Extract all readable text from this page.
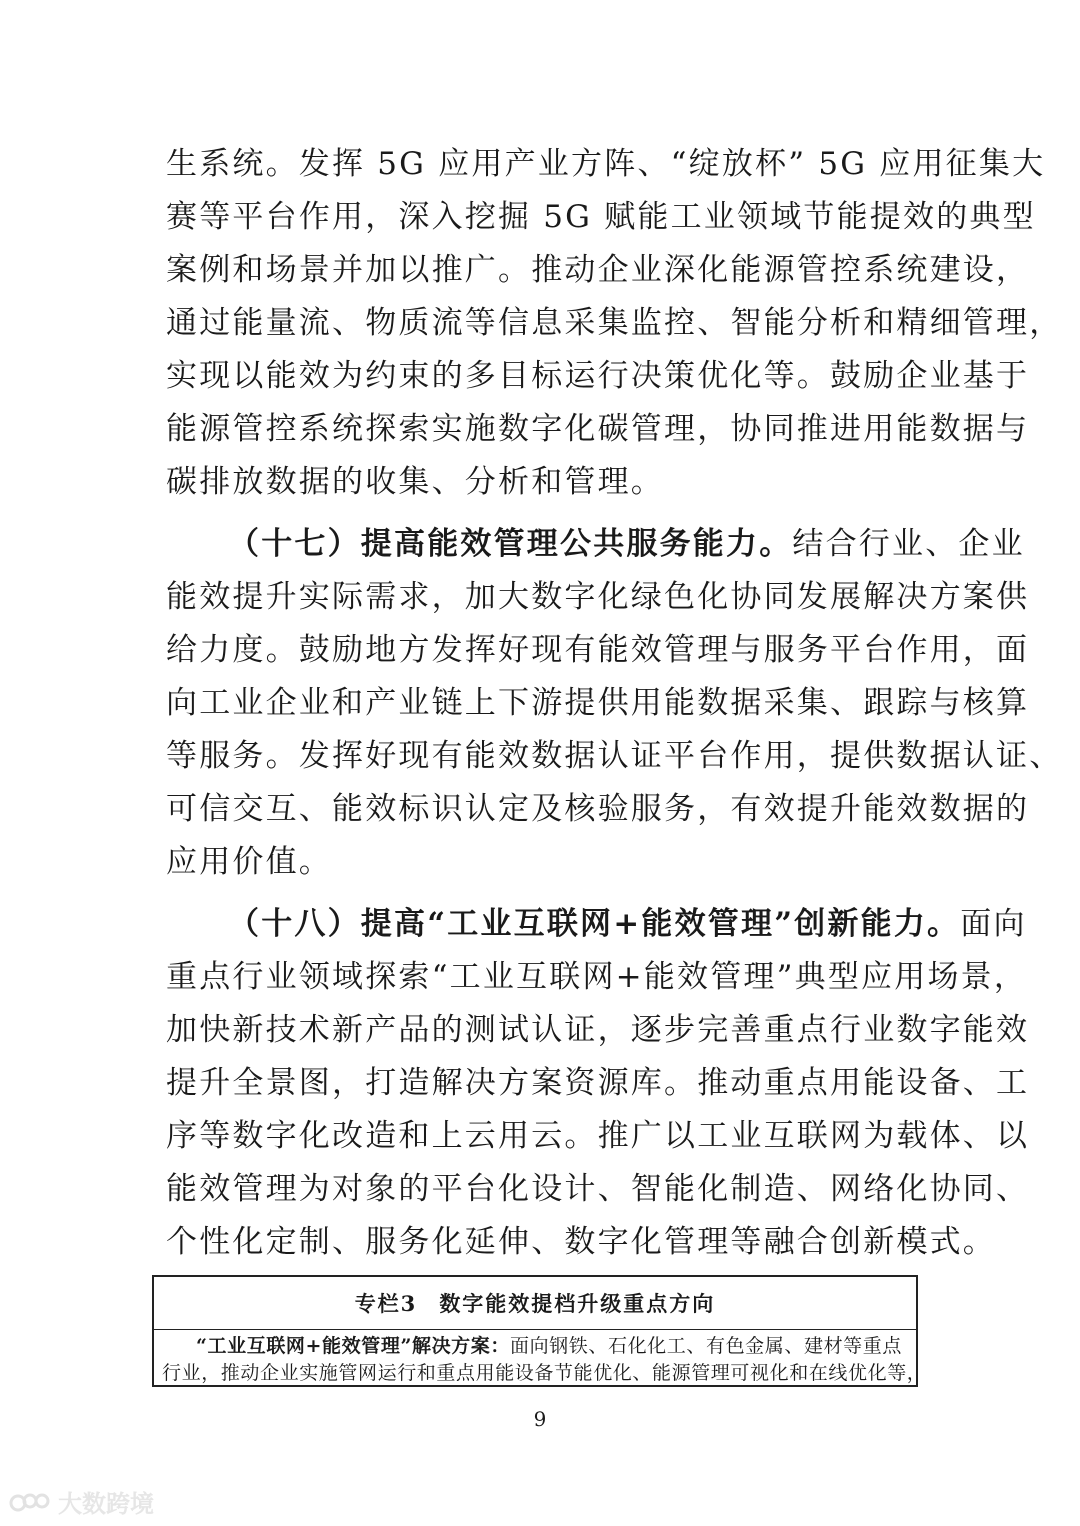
生系统。发挥 5G 应用产业方阵、“绽放杯” 5G 应用征集大

赛等平台作用，深入挖掘 5G 赋能工业领域节能提效的典型

案例和场景并加以推广。推动企业深化能源管控系统建设，

通过能量流、物质流等信息采集监控、智能分析和精细管理，

实现以能效为约束的多目标运行决策优化等。鼓励企业基于

能源管控系统探索实施数字化碳管理，协同推进用能数据与

碳排放数据的收集、分析和管理。

（十七）提高能效管理公共服务能力。结合行业、企业

能效提升实际需求，加大数字化绿色化协同发展解决方案供

给力度。鼓励地方发挥好现有能效管理与服务平台作用，面

向工业企业和产业链上下游提供用能数据采集、跟踪与核算

等服务。发挥好现有能效数据认证平台作用，提供数据认证、

可信交互、能效标识认定及核验服务，有效提升能效数据的

应用价值。

（十八）提高“工业互联网+能效管理”创新能力。面向

重点行业领域探索“工业互联网+能效管理”典型应用场景，

加快新技术新产品的测试认证，逐步完善重点行业数字能效

提升全景图，打造解决方案资源库。推动重点用能设备、工

序等数字化改造和上云用云。推广以工业互联网为载体、以

能效管理为对象的平台化设计、智能化制造、网络化协同、

个性化定制、服务化延伸、数字化管理等融合创新模式。

专栏3 数字能效提档升级重点方向

“工业互联网+能效管理”解决方案：面向钢铁、石化化工、有色金属、建材等重点

行业，推动企业实施管网运行和重点用能设备节能优化、能源管理可视化和在线优化等，

9
大数跨境
